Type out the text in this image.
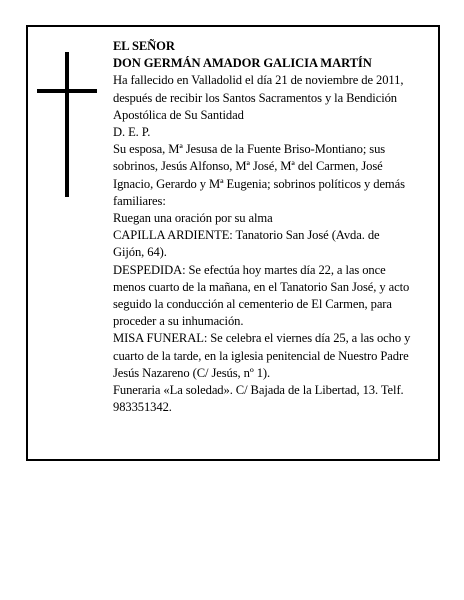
EL SEÑOR

DON GERMÁN AMADOR GALICIA MARTÍN

Ha fallecido en Valladolid el día 21 de noviembre de 2011, después de recibir los Santos Sacramentos y la Bendición Apostólica de Su Santidad

D. E. P.

Su esposa, Mª Jesusa de la Fuente Briso-Montiano; sus sobrinos, Jesús Alfonso, Mª José, Mª del Carmen, José Ignacio, Gerardo y Mª Eugenia; sobrinos políticos y demás familiares:

Ruegan una oración por su alma

CAPILLA ARDIENTE: Tanatorio San José (Avda. de Gijón, 64).

DESPEDIDA: Se efectúa hoy martes día 22, a las once menos cuarto de la mañana, en el Tanatorio San José, y acto seguido la conducción al cementerio de El Carmen, para proceder a su inhumación.

MISA FUNERAL: Se celebra el viernes día 25, a las ocho y cuarto de la tarde, en la iglesia penitencial de Nuestro Padre Jesús Nazareno (C/ Jesús, nº 1).

Funeraria «La soledad». C/ Bajada de la Libertad, 13. Telf. 983351342.
